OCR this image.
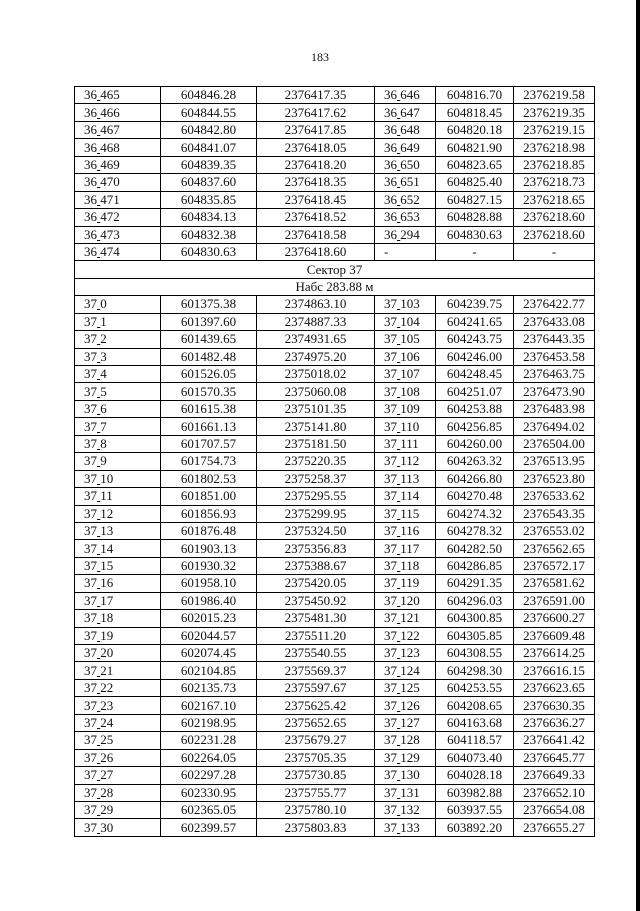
183
36 465	604846.28	2376417.35	36 646	604816.70	2376219.58
36 466	604844.55	2376417.62	36 647	604818.45	2376219.35
36 467	604842.80	2376417.85	36 648	604820.18	2376219.15
36 468	604841.07	2376418.05	36 649	604821.90	2376218.98
36 469	604839.35	2376418.20	36 650	604823.65	2376218.85
36 470	604837.60	2376418.35	36 651	604825.40	2376218.73
36 471	604835.85	2376418.45	36 652	604827.15	2376218.65
36 472	604834.13	2376418.52	36 653	604828.88	2376218.60
36 473	604832.38	2376418.58	36 294	604830.63	2376218.60
36 474	604830.63	2376418.60	-	-	-
Сектор 37					
Набс 283.88 м					
37 0	601375.38	2374863.10	37 103	604239.75	2376422.77
37 1	601397.60	2374887.33	37 104	604241.65	2376433.08
37 2	601439.65	2374931.65	37 105	604243.75	2376443.35
37 3	601482.48	2374975.20	37 106	604246.00	2376453.58
37 4	601526.05	2375018.02	37 107	604248.45	2376463.75
37 5	601570.35	2375060.08	37 108	604251.07	2376473.90
37 6	601615.38	2375101.35	37 109	604253.88	2376483.98
37 7	601661.13	2375141.80	37 110	604256.85	2376494.02
37 8	601707.57	2375181.50	37 111	604260.00	2376504.00
37 9	601754.73	2375220.35	37 112	604263.32	2376513.95
37 10	601802.53	2375258.37	37 113	604266.80	2376523.80
37 11	601851.00	2375295.55	37 114	604270.48	2376533.62
37 12	601856.93	2375299.95	37 115	604274.32	2376543.35
37 13	601876.48	2375324.50	37 116	604278.32	2376553.02
37 14	601903.13	2375356.83	37 117	604282.50	2376562.65
37 15	601930.32	2375388.67	37 118	604286.85	2376572.17
37 16	601958.10	2375420.05	37 119	604291.35	2376581.62
37 17	601986.40	2375450.92	37 120	604296.03	2376591.00
37 18	602015.23	2375481.30	37 121	604300.85	2376600.27
37 19	602044.57	2375511.20	37 122	604305.85	2376609.48
37 20	602074.45	2375540.55	37 123	604308.55	2376614.25
37 21	602104.85	2375569.37	37 124	604298.30	2376616.15
37 22	602135.73	2375597.67	37 125	604253.55	2376623.65
37 23	602167.10	2375625.42	37 126	604208.65	2376630.35
37 24	602198.95	2375652.65	37 127	604163.68	2376636.27
37 25	602231.28	2375679.27	37 128	604118.57	2376641.42
37 26	602264.05	2375705.35	37 129	604073.40	2376645.77
37 27	602297.28	2375730.85	37 130	604028.18	2376649.33
37 28	602330.95	2375755.77	37 131	603982.88	2376652.10
37 29	602365.05	2375780.10	37 132	603937.55	2376654.08
37 30	602399.57	2375803.83	37 133	603892.20	2376655.27
